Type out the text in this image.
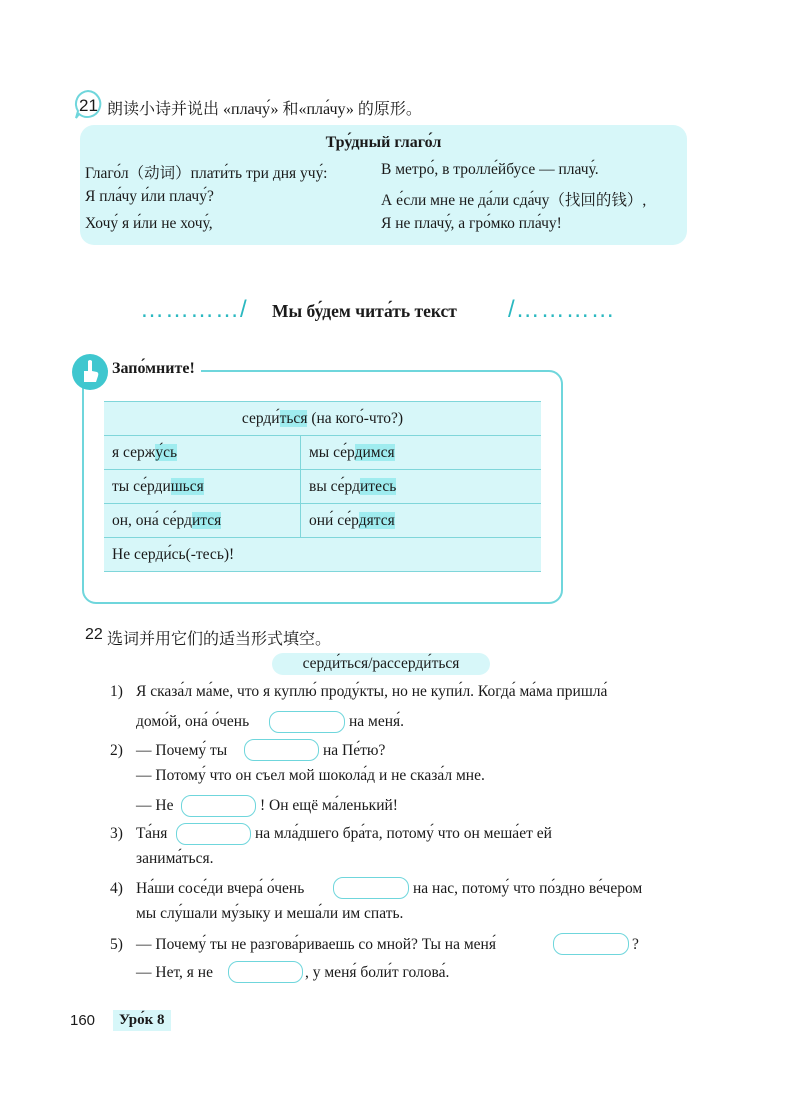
21 朗读小诗并说出 «плачу́» 和«пла́чу» 的原形。
Тру́дный глаго́л
Глаго́л（动词）плати́ть три дня учу́:
Я пла́чу и́ли плачу́?
Хочу́ я и́ли не хочу́,
В метро́, в тролле́йбусе — плачу́.
А е́сли мне не да́ли сда́чу（找回的钱）,
Я не плачу́, а гро́мко пла́чу!
…………/ Мы бу́дем чита́ть текст /…………
Запо́мните!
серди́ться (на кого́-что?)	
я сержу́сь	мы се́рдимся
ты се́рдишься	вы се́рдитесь
он, она́ се́рдится	они́ се́рдятся
Не серди́сь(-тесь)!	
22 选词并用它们的适当形式填空。
серди́ться/рассерди́ться
1) Я сказа́л ма́ме, что я куплю́ проду́кты, но не купи́л. Когда́ ма́ма пришла́
домо́й, она́ о́чень	на меня́.
2) — Почему́ ты	на Пе́тю?
— Потому́ что он съел мой шокола́д и не сказа́л мне.
— Не	! Он ещё ма́ленький!
3) Та́ня	на мла́дшего бра́та, потому́ что он меша́ет ей
занима́ться.
4) На́ши сосе́ди вчера́ о́чень	на нас, потому́ что по́здно ве́чером
мы слу́шали му́зыку и меша́ли им спать.
5) — Почему́ ты не разгова́риваешь со мной? Ты на меня́	?
— Нет, я не	, у меня́ боли́т голова́.
160	Уро́к 8
